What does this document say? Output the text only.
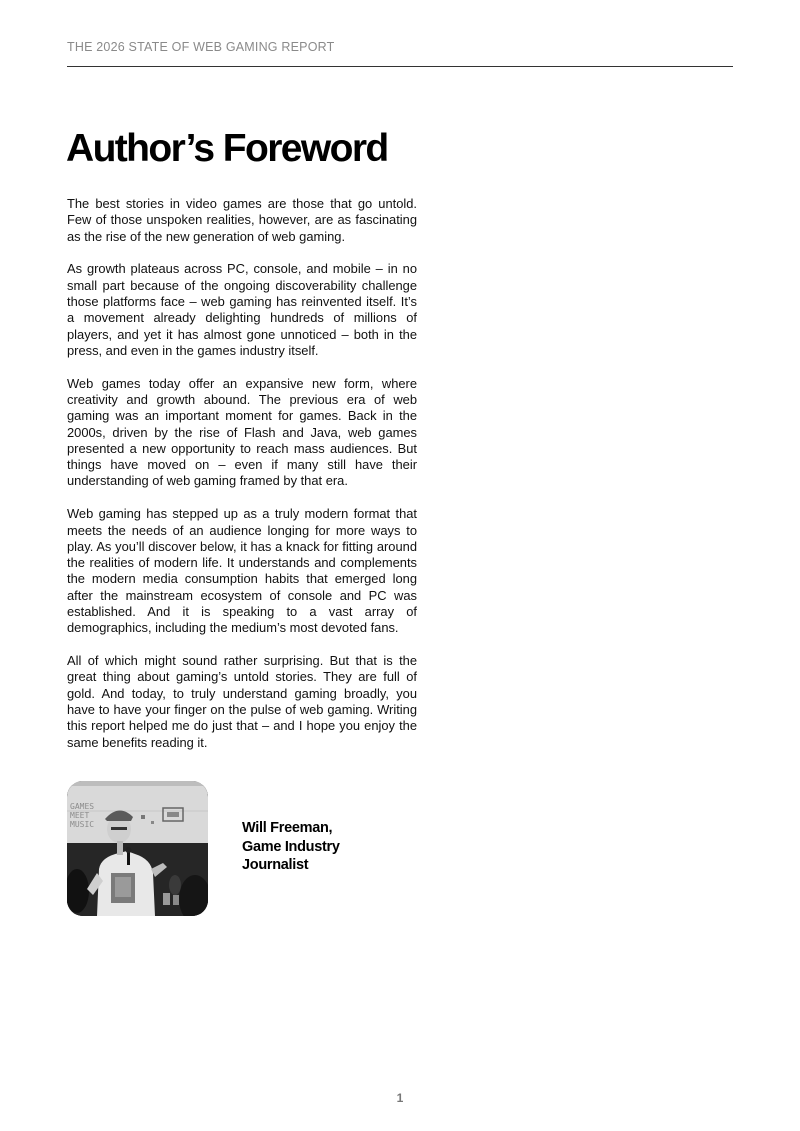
THE 2026 STATE OF WEB GAMING REPORT
Author’s Foreword

The best stories in video games are those that go untold. Few of those unspoken realities, however, are as fascinating as the rise of the new generation of web gaming.

As growth plateaus across PC, console, and mobile – in no small part because of the ongoing discoverability challenge those platforms face – web gaming has reinvented itself. It’s a movement already delighting hundreds of millions of players, and yet it has almost gone unnoticed – both in the press, and even in the games industry itself.

Web games today offer an expansive new form, where creativity and growth abound. The previous era of web gaming was an important moment for games. Back in the 2000s, driven by the rise of Flash and Java, web games presented a new opportunity to reach mass audiences. But things have moved on – even if many still have their understanding of web gaming framed by that era.

Web gaming has stepped up as a truly modern format that meets the needs of an audience longing for more ways to play. As you’ll discover below, it has a knack for fitting around the realities of modern life. It understands and complements the modern media consumption habits that emerged long after the mainstream ecosystem of console and PC was established. And it is speaking to a vast array of demographics, including the medium’s most devoted fans.

All of which might sound rather surprising. But that is the great thing about gaming’s untold stories. They are full of gold. And today, to truly understand gaming broadly, you have to have your finger on the pulse of web gaming. Writing this report helped me do just that – and I hope you enjoy the same benefits reading it.

GAMES
MEET
MUSIC	Will Freeman,
Game Industry
Journalist
1
